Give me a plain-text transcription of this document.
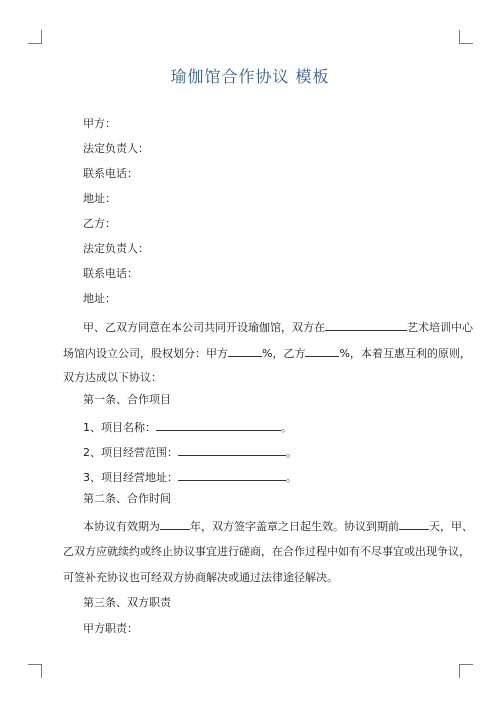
瑜伽馆合作协议 模板
甲方：
法定负责人：
联系电话：
地址：
乙方：
法定负责人：
联系电话：
地址：
甲、乙双方同意在本公司共同开设瑜伽馆，双方在	艺术培训中心
场馆内设立公司，股权划分：甲方	%，乙方	%，本着互惠互利的原则，
双方达成以下协议：
第一条、合作项目
1、项目名称：	。
2、项目经营范围：	。
3、项目经营地址：	。
第二条、合作时间
本协议有效期为	年，双方签字盖章之日起生效。协议到期前	天，甲、
乙双方应就续约或终止协议事宜进行磋商，在合作过程中如有不尽事宜或出现争议，
可签补充协议也可经双方协商解决或通过法律途径解决。
第三条、双方职责
甲方职责：
